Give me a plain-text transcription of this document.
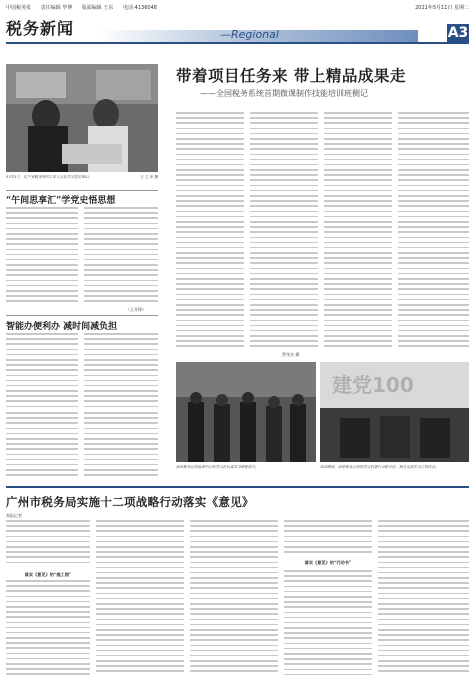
中国税务报 责任编辑 毕博 版面编辑 王东 电话:4136048	2021年5月11日 星期二
税务新闻	—Regional	A3
5月13日，辽宁省税务局的工作人员在学习党史知识。	王 立 华 摄
“午间思享汇”学党史悟思想
（王开锋）
智能办便利办 减时间减负担
带着项目任务来 带上精品成果走
——全国税务系统首期微课制作技能培训班侧记
建党100
罗茂杰 摄
国家税务总局培训中心的学员在认真学习课程技巧。	培训期间，国家税务总局的学员们进行分组讨论，相互交流学习心得体会。
广州市税务局实施十二项战略行动落实《意见》
本报记者
落实《意见》的“施工图”
落实《意见》的“行动书”
